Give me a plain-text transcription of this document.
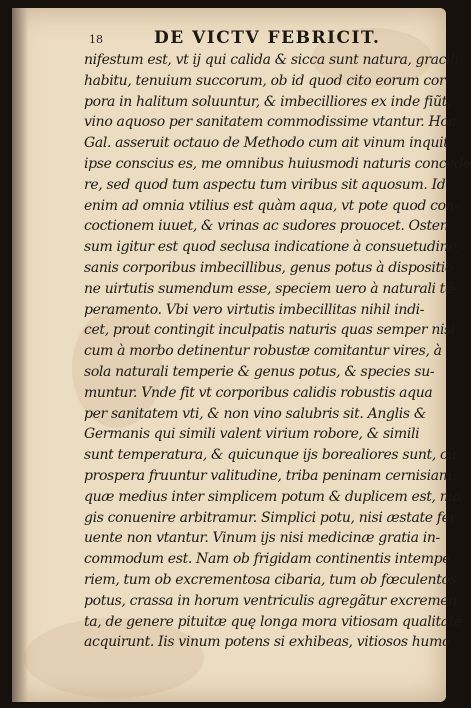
18	DE VICTV FEBRICIT.
nifestum est, vt ij qui calida & sicca sunt natura, gracili
habitu, tenuium succorum, ob id quod cito eorum cor-
pora in halitum soluuntur, & imbecilliores ex inde fiũt,
vino aquoso per sanitatem commodissime vtantur. Hoc
Gal. asseruit octauo de Methodo cum ait vinum inquit
ipse conscius es, me omnibus huiusmodi naturis concede
re, sed quod tum aspectu tum viribus sit aquosum. Id
enim ad omnia vtilius est quàm aqua, vt pote quod con-
coctionem iuuet, & vrinas ac sudores prouocet. Osten
sum igitur est quod seclusa indicatione à consuetudine,
sanis corporibus imbecillibus, genus potus à dispositio
ne uirtutis sumendum esse, speciem uero à naturali tẽ-
peramento. Vbi vero virtutis imbecillitas nihil indi-
cet, prout contingit inculpatis naturis quas semper nisi
cum à morbo detinentur robustæ comitantur vires, à
sola naturali temperie & genus potus, & species su-
muntur. Vnde fit vt corporibus calidis robustis aqua
per sanitatem vti, & non vino salubris sit. Anglis &
Germanis qui simili valent virium robore, & simili
sunt temperatura, & quicunque ijs borealiores sunt, cũ
prospera fruuntur valitudine, triba peninam cernisiam,
quæ medius inter simplicem potum & duplicem est, ma
gis conuenire arbitramur. Simplici potu, nisi æstate fer
uente non vtantur. Vinum ijs nisi medicinæ gratia in-
commodum est. Nam ob frigidam continentis intempe
riem, tum ob excrementosa cibaria, tum ob fœculentos
potus, crassa in horum ventriculis agregãtur excremen
ta, de genere pituitæ quę longa mora vitiosam qualitatẽ
acquirunt. Iis vinum potens si exhibeas, vitiosos humo
